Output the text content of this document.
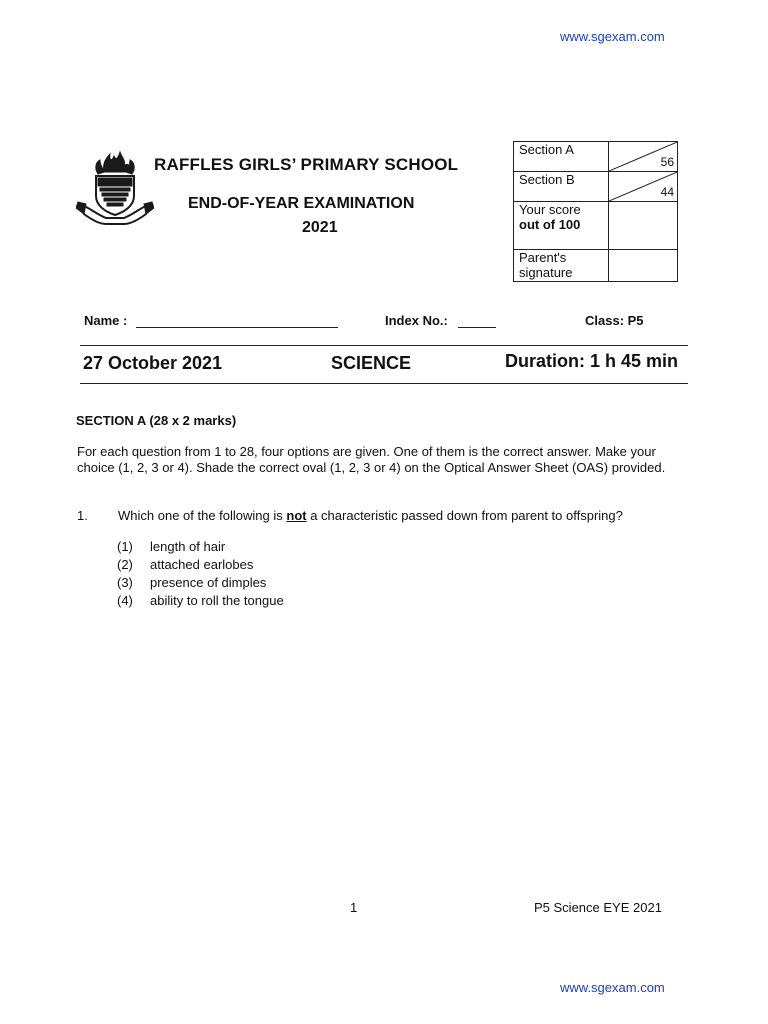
www.sgexam.com
www.sgexam.com
RAFFLES GIRLS’ PRIMARY SCHOOL
END-OF-YEAR EXAMINATION
2021
Section A	56

Section B	44

Your score
out of 100	

Parent's
signature	

Name :	Index No.:	Class: P5
27 October 2021	SCIENCE	Duration: 1 h 45 min
SECTION A (28 x 2 marks)
For each question from 1 to 28, four options are given. One of them is the correct answer. Make your choice (1, 2, 3 or 4). Shade the correct oval (1, 2, 3 or 4) on the Optical Answer Sheet (OAS) provided.
1. Which one of the following is not a characteristic passed down from parent to offspring?
(1) length of hair
(2) attached earlobes
(3) presence of dimples
(4) ability to roll the tongue
1	P5 Science EYE 2021
